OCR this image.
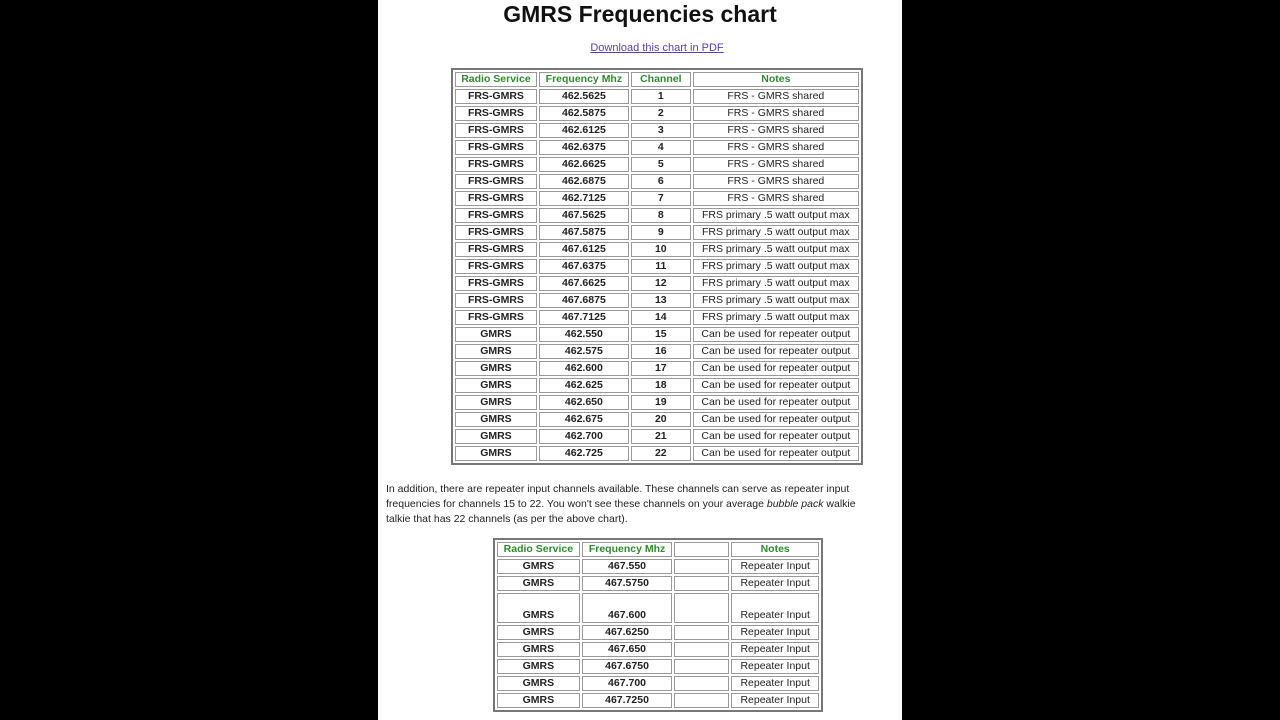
GMRS Frequencies chart
Download this chart in PDF
Radio Service	Frequency Mhz	Channel	Notes
FRS-GMRS	462.5625	1	FRS - GMRS shared
FRS-GMRS	462.5875	2	FRS - GMRS shared
FRS-GMRS	462.6125	3	FRS - GMRS shared
FRS-GMRS	462.6375	4	FRS - GMRS shared
FRS-GMRS	462.6625	5	FRS - GMRS shared
FRS-GMRS	462.6875	6	FRS - GMRS shared
FRS-GMRS	462.7125	7	FRS - GMRS shared
FRS-GMRS	467.5625	8	FRS primary .5 watt output max
FRS-GMRS	467.5875	9	FRS primary .5 watt output max
FRS-GMRS	467.6125	10	FRS primary .5 watt output max
FRS-GMRS	467.6375	11	FRS primary .5 watt output max
FRS-GMRS	467.6625	12	FRS primary .5 watt output max
FRS-GMRS	467.6875	13	FRS primary .5 watt output max
FRS-GMRS	467.7125	14	FRS primary .5 watt output max
GMRS	462.550	15	Can be used for repeater output
GMRS	462.575	16	Can be used for repeater output
GMRS	462.600	17	Can be used for repeater output
GMRS	462.625	18	Can be used for repeater output
GMRS	462.650	19	Can be used for repeater output
GMRS	462.675	20	Can be used for repeater output
GMRS	462.700	21	Can be used for repeater output
GMRS	462.725	22	Can be used for repeater output
In addition, there are repeater input channels available. These channels can serve as repeater input
frequencies for channels 15 to 22. You won't see these channels on your average bubble pack walkie
talkie that has 22 channels (as per the above chart).
Radio Service	Frequency Mhz		Notes
GMRS	467.550		Repeater Input
GMRS	467.5750		Repeater Input
GMRS	467.600		Repeater Input
GMRS	467.6250		Repeater Input
GMRS	467.650		Repeater Input
GMRS	467.6750		Repeater Input
GMRS	467.700		Repeater Input
GMRS	467.7250		Repeater Input
